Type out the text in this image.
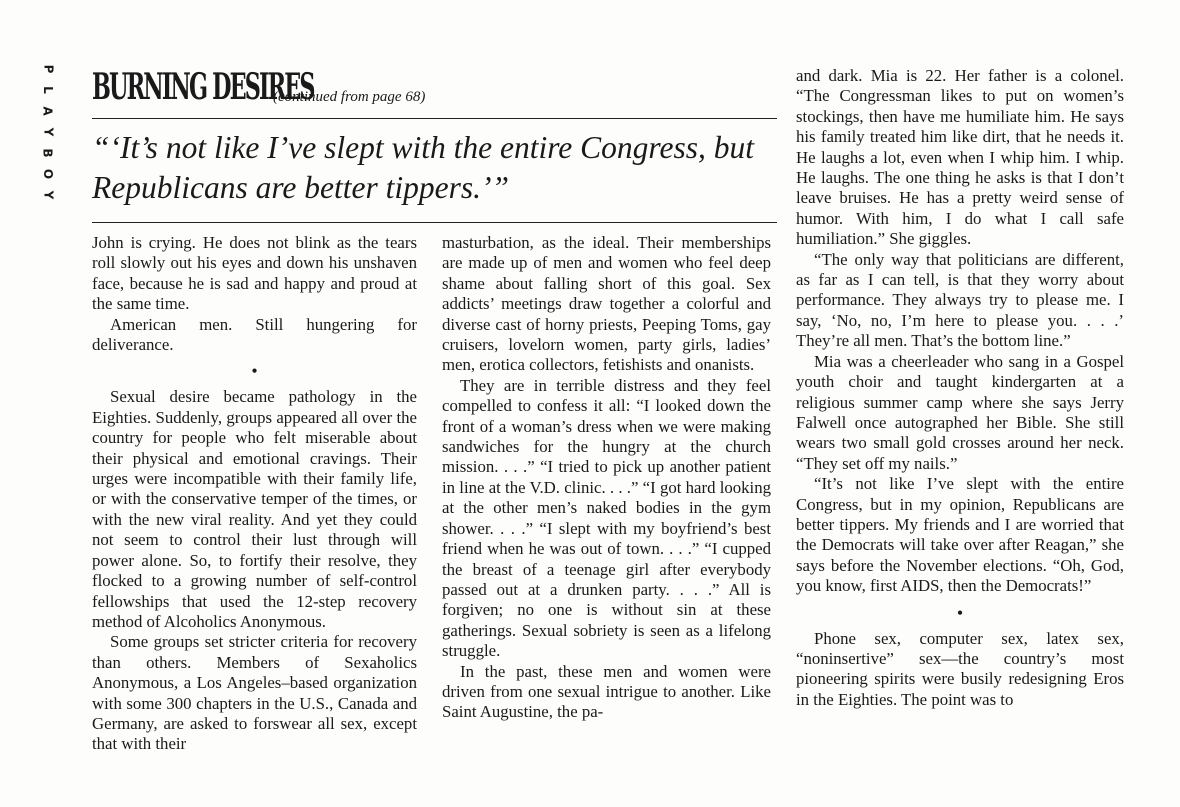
P
L
A
Y
B
O
Y
BURNING DESIRES
(continued from page 68)

“‘It’s not like I’ve slept with the entire Congress, but Republicans are better tippers.’”

John is crying. He does not blink as the tears roll slowly out his eyes and down his unshaven face, because he is sad and happy and proud at the same time.

American men. Still hungering for deliverance.

•

Sexual desire became pathology in the Eighties. Suddenly, groups appeared all over the country for people who felt miserable about their physical and emotional cravings. Their urges were incompatible with their family life, or with the conservative temper of the times, or with the new viral reality. And yet they could not seem to control their lust through will power alone. So, to fortify their resolve, they flocked to a growing number of self-control fellowships that used the 12-step recovery method of Alcoholics Anonymous.

Some groups set stricter criteria for recovery than others. Members of Sexaholics Anonymous, a Los Angeles–based organization with some 300 chapters in the U.S., Canada and Germany, are asked to forswear all sex, except that with their

masturbation, as the ideal. Their memberships are made up of men and women who feel deep shame about falling short of this goal. Sex addicts’ meetings draw together a colorful and diverse cast of horny priests, Peeping Toms, gay cruisers, lovelorn women, party girls, ladies’ men, erotica collectors, fetishists and onanists.

They are in terrible distress and they feel compelled to confess it all: “I looked down the front of a woman’s dress when we were making sandwiches for the hungry at the church mission. . . .” “I tried to pick up another patient in line at the V.D. clinic. . . .” “I got hard looking at the other men’s naked bodies in the gym shower. . . .” “I slept with my boyfriend’s best friend when he was out of town. . . .” “I cupped the breast of a teenage girl after everybody passed out at a drunken party. . . .” All is forgiven; no one is without sin at these gatherings. Sexual sobriety is seen as a lifelong struggle.

In the past, these men and women were driven from one sexual intrigue to another. Like Saint Augustine, the pa-

and dark. Mia is 22. Her father is a colonel. “The Congressman likes to put on women’s stockings, then have me humiliate him. He says his family treated him like dirt, that he needs it. He laughs a lot, even when I whip him. I whip. He laughs. The one thing he asks is that I don’t leave bruises. He has a pretty weird sense of humor. With him, I do what I call safe humiliation.” She giggles.

“The only way that politicians are different, as far as I can tell, is that they worry about performance. They always try to please me. I say, ‘No, no, I’m here to please you. . . .’ They’re all men. That’s the bottom line.”

Mia was a cheerleader who sang in a Gospel youth choir and taught kindergarten at a religious summer camp where she says Jerry Falwell once autographed her Bible. She still wears two small gold crosses around her neck. “They set off my nails.”

“It’s not like I’ve slept with the entire Congress, but in my opinion, Republicans are better tippers. My friends and I are worried that the Democrats will take over after Reagan,” she says before the November elections. “Oh, God, you know, first AIDS, then the Democrats!”

•

Phone sex, computer sex, latex sex, “noninsertive” sex—the country’s most pioneering spirits were busily redesigning Eros in the Eighties. The point was to
